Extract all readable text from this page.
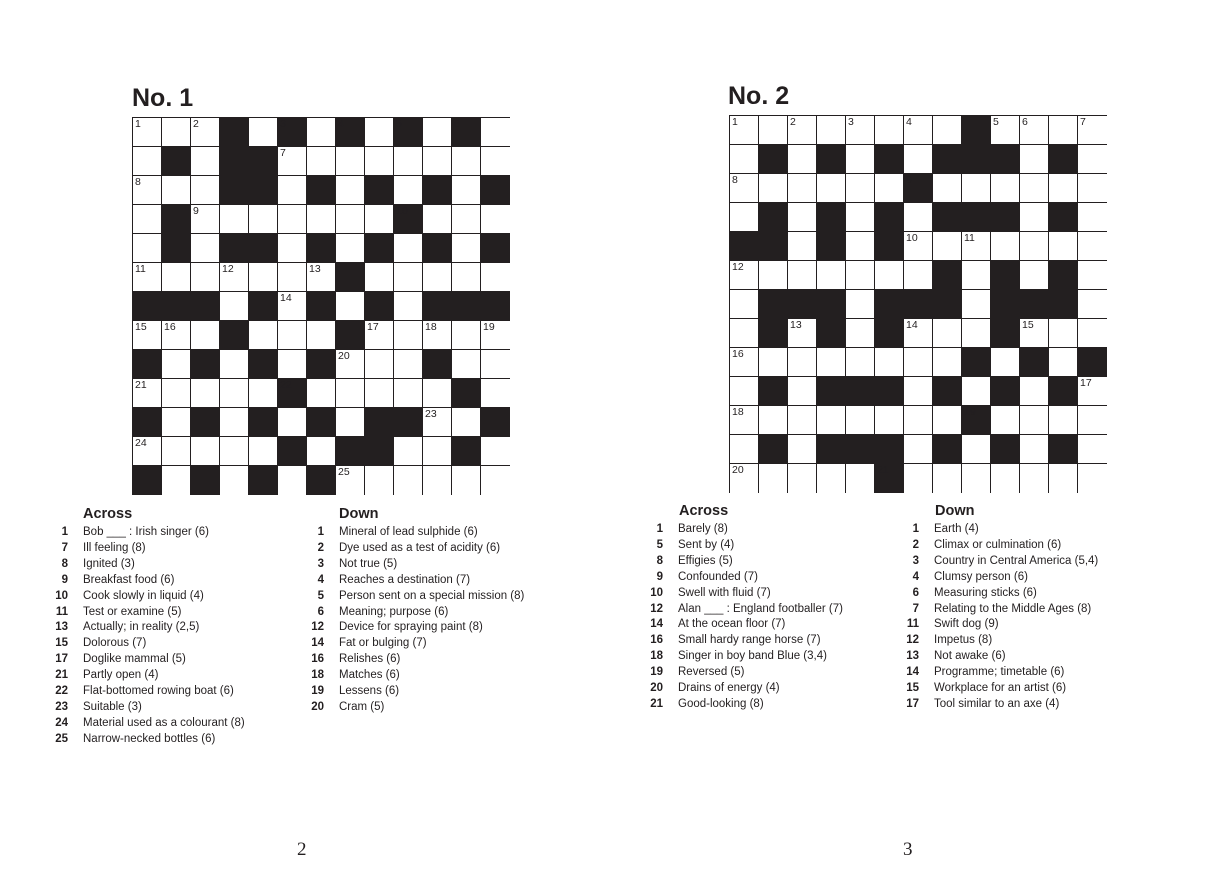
No. 1
1	2	3	4	5	6
7
8
9	10
11	12	13
14
15 16	17	18	19
20
21	22
23
24
25
Across
1	Bob ___ : Irish singer (6)
7	Ill feeling (8)
8	Ignited (3)
9	Breakfast food (6)
10	Cook slowly in liquid (4)
11	Test or examine (5)
13	Actually; in reality (2,5)
15	Dolorous (7)
17	Doglike mammal (5)
21	Partly open (4)
22	Flat-bottomed rowing boat (6)
23	Suitable (3)
24	Material used as a colourant (8)
25	Narrow-necked bottles (6)
Down
1	Mineral of lead sulphide (6)
2	Dye used as a test of acidity (6)
3	Not true (5)
4	Reaches a destination (7)
5	Person sent on a special mission (8)
6	Meaning; purpose (6)
12	Device for spraying paint (8)
14	Fat or bulging (7)
16	Relishes (6)
18	Matches (6)
19	Lessens (6)
20	Cram (5)
2
No. 2
1	2	3	4	5 6	7
8	9
10	11
12
13	14	15
16
17
18	19
20	21
Across
1	Barely (8)
5	Sent by (4)
8	Effigies (5)
9	Confounded (7)
10	Swell with fluid (7)
12	Alan ___ : England footballer (7)
14	At the ocean floor (7)
16	Small hardy range horse (7)
18	Singer in boy band Blue (3,4)
19	Reversed (5)
20	Drains of energy (4)
21	Good-looking (8)
Down
1	Earth (4)
2	Climax or culmination (6)
3	Country in Central America (5,4)
4	Clumsy person (6)
6	Measuring sticks (6)
7	Relating to the Middle Ages (8)
11	Swift dog (9)
12	Impetus (8)
13	Not awake (6)
14	Programme; timetable (6)
15	Workplace for an artist (6)
17	Tool similar to an axe (4)
3
